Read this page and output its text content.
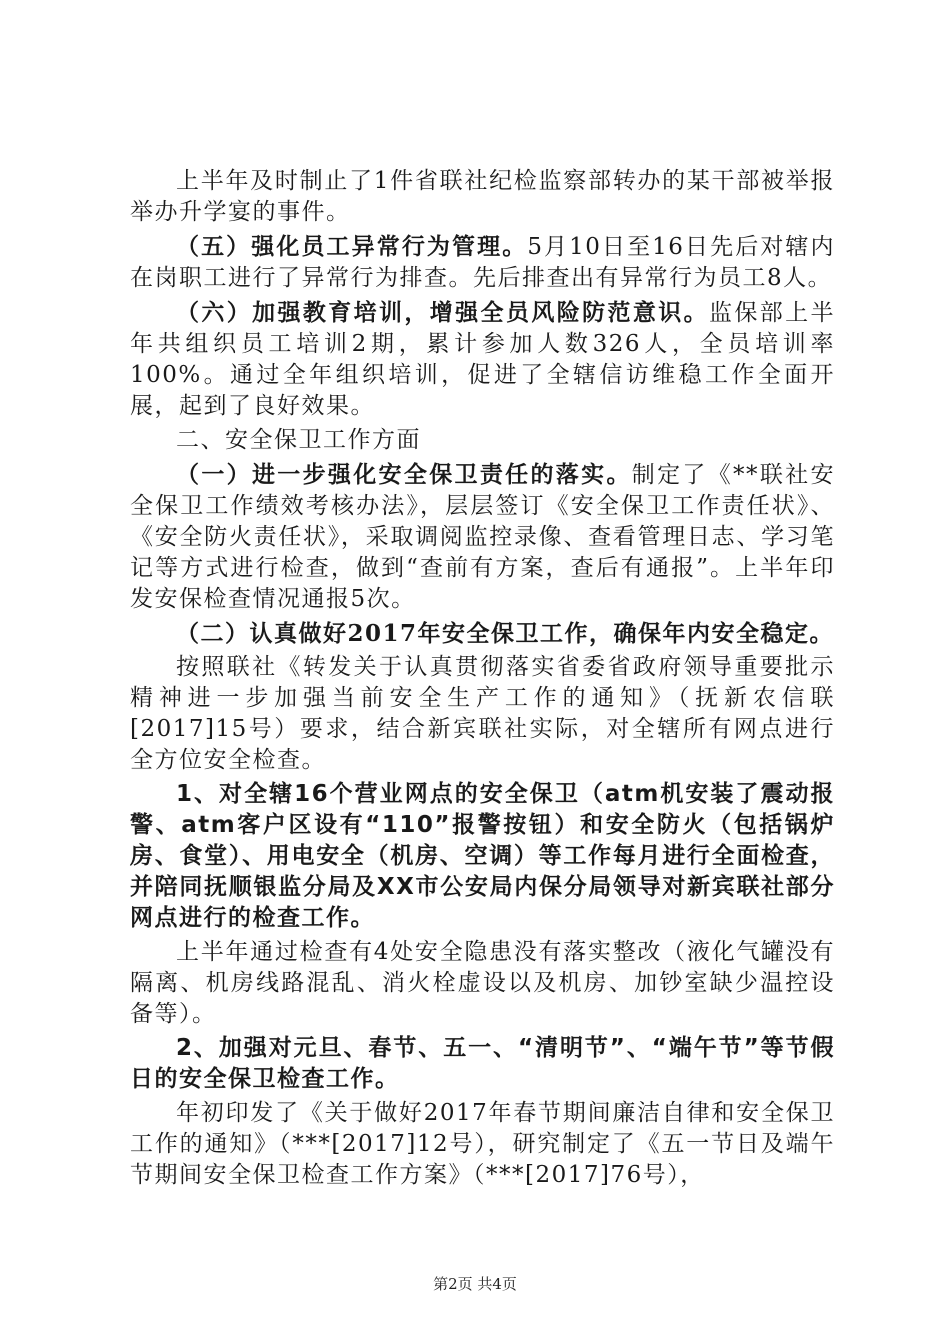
上半年及时制止了1件省联社纪检监察部转办的某干部被举报举办升学宴的事件。

（五）强化员工异常行为管理。5月10日至16日先后对辖内在岗职工进行了异常行为排查。先后排查出有异常行为员工8人。

（六）加强教育培训，增强全员风险防范意识。监保部上半年共组织员工培训2期，累计参加人数326人，全员培训率100%。通过全年组织培训，促进了全辖信访维稳工作全面开展，起到了良好效果。

二、安全保卫工作方面

（一）进一步强化安全保卫责任的落实。制定了《**联社安全保卫工作绩效考核办法》，层层签订《安全保卫工作责任状》、《安全防火责任状》，采取调阅监控录像、查看管理日志、学习笔记等方式进行检查，做到“查前有方案，查后有通报”。上半年印发安保检查情况通报5次。

（二）认真做好2017年安全保卫工作，确保年内安全稳定。

按照联社《转发关于认真贯彻落实省委省政府领导重要批示精神进一步加强当前安全生产工作的通知》（抚新农信联[2017]15号）要求，结合新宾联社实际，对全辖所有网点进行全方位安全检查。

1、对全辖16个营业网点的安全保卫（atm机安装了震动报警、atm客户区设有“110”报警按钮）和安全防火（包括锅炉房、食堂）、用电安全（机房、空调）等工作每月进行全面检查，并陪同抚顺银监分局及XX市公安局内保分局领导对新宾联社部分网点进行的检查工作。

上半年通过检查有4处安全隐患没有落实整改（液化气罐没有隔离、机房线路混乱、消火栓虚设以及机房、加钞室缺少温控设备等）。

2、加强对元旦、春节、五一、“清明节”、“端午节”等节假日的安全保卫检查工作。

年初印发了《关于做好2017年春节期间廉洁自律和安全保卫工作的通知》（***[2017]12号），研究制定了《五一节日及端午节期间安全保卫检查工作方案》（***[2017]76号），

第2页 共4页
